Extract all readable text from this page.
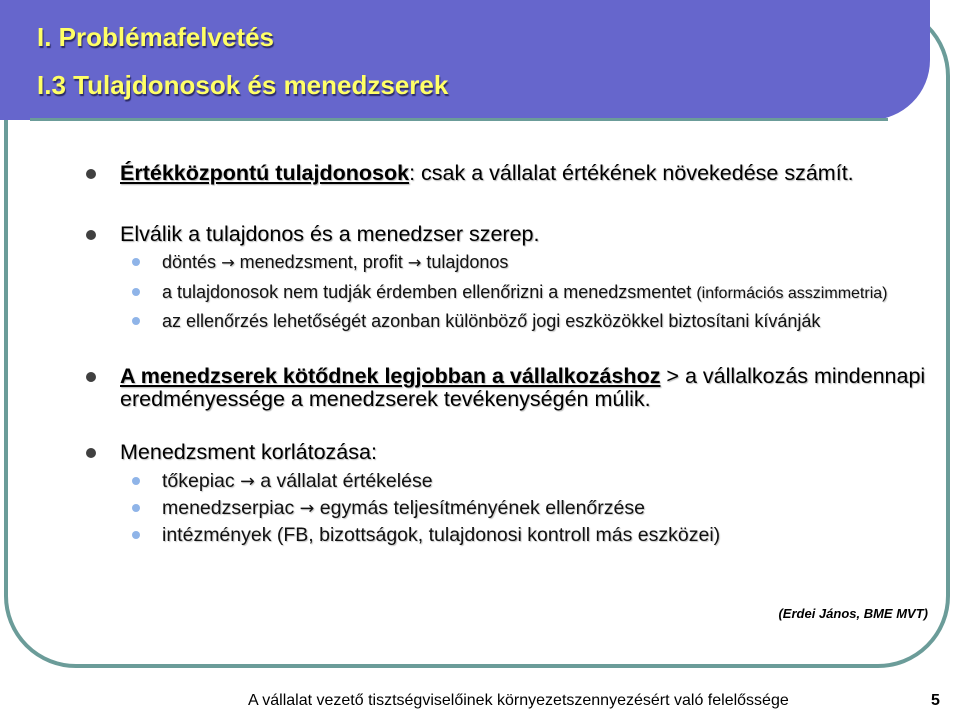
I. Problémafelvetés
I.3 Tulajdonosok és menedzserek
Értékközpontú tulajdonosok: csak a vállalat értékének növekedése számít.
Elválik a tulajdonos és a menedzser szerep.
döntés → menedzsment, profit → tulajdonos
a tulajdonosok nem tudják érdemben ellenőrizni a menedzsmentet (információs asszimmetria)
az ellenőrzés lehetőségét azonban különböző jogi eszközökkel biztosítani kívánják
A menedzserek kötődnek legjobban a vállalkozáshoz > a vállalkozás mindennapi eredményessége a menedzserek tevékenységén múlik.
Menedzsment korlátozása:
tőkepiac → a vállalat értékelése
menedzserpiac → egymás teljesítményének ellenőrzése
intézmények (FB, bizottságok, tulajdonosi kontroll más eszközei)
(Erdei János, BME MVT)
A vállalat vezető tisztségviselőinek környezetszennyezésért való felelőssége	5
